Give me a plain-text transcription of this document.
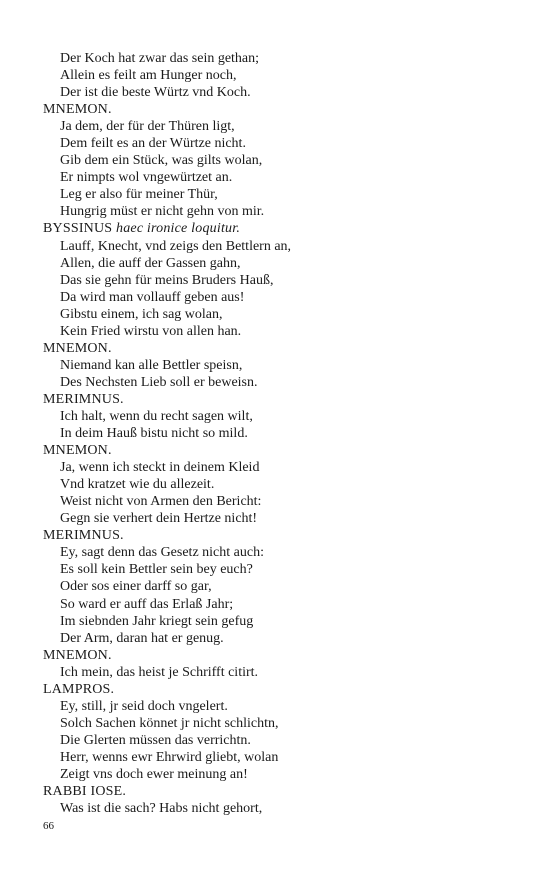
Der Koch hat zwar das sein gethan;
Allein es feilt am Hunger noch,
Der ist die beste Würtz vnd Koch.
MNEMON.
Ja dem, der für der Thüren ligt,
Dem feilt es an der Würtze nicht.
Gib dem ein Stück, was gilts wolan,
Er nimpts wol vngewürtzet an.
Leg er also für meiner Thür,
Hungrig müst er nicht gehn von mir.
BYSSINUS haec ironice loquitur.
Lauff, Knecht, vnd zeigs den Bettlern an,
Allen, die auff der Gassen gahn,
Das sie gehn für meins Bruders Hauß,
Da wird man vollauff geben aus!
Gibstu einem, ich sag wolan,
Kein Fried wirstu von allen han.
MNEMON.
Niemand kan alle Bettler speisn,
Des Nechsten Lieb soll er beweisn.
MERIMNUS.
Ich halt, wenn du recht sagen wilt,
In deim Hauß bistu nicht so mild.
MNEMON.
Ja, wenn ich steckt in deinem Kleid
Vnd kratzet wie du allezeit.
Weist nicht von Armen den Bericht:
Gegn sie verhert dein Hertze nicht!
MERIMNUS.
Ey, sagt denn das Gesetz nicht auch:
Es soll kein Bettler sein bey euch?
Oder sos einer darff so gar,
So ward er auff das Erlaß Jahr;
Im siebnden Jahr kriegt sein gefug
Der Arm, daran hat er genug.
MNEMON.
Ich mein, das heist je Schrifft citirt.
LAMPROS.
Ey, still, jr seid doch vngelert.
Solch Sachen könnet jr nicht schlichtn,
Die Glerten müssen das verrichtn.
Herr, wenns ewr Ehrwird gliebt, wolan
Zeigt vns doch ewer meinung an!
RABBI IOSE.
Was ist die sach? Habs nicht gehort,
66
